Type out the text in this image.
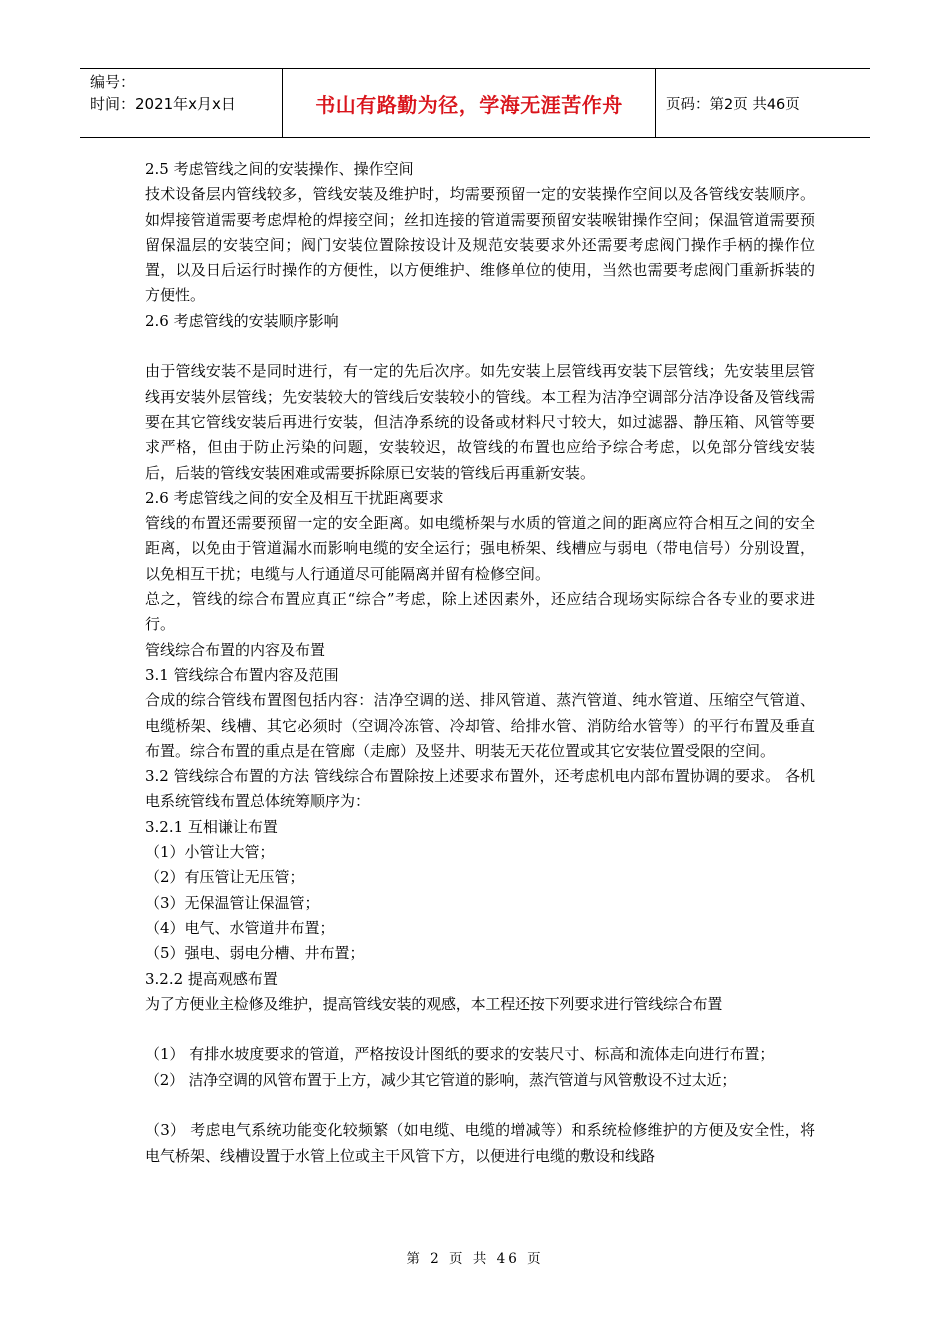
编号：
时间：2021年x月x日	书山有路勤为径，学海无涯苦作舟	页码：第2页 共46页

2.5 考虑管线之间的安装操作、操作空间

技术设备层内管线较多，管线安装及维护时，均需要预留一定的安装操作空间以及各管线安装顺序。如焊接管道需要考虑焊枪的焊接空间；丝扣连接的管道需要预留安装喉钳操作空间；保温管道需要预留保温层的安装空间；阀门安装位置除按设计及规范安装要求外还需要考虑阀门操作手柄的操作位置，以及日后运行时操作的方便性，以方便维护、维修单位的使用，当然也需要考虑阀门重新拆装的方便性。

2.6 考虑管线的安装顺序影响

由于管线安装不是同时进行，有一定的先后次序。如先安装上层管线再安装下层管线；先安装里层管线再安装外层管线；先安装较大的管线后安装较小的管线。本工程为洁净空调部分洁净设备及管线需要在其它管线安装后再进行安装，但洁净系统的设备或材料尺寸较大，如过滤器、静压箱、风管等要求严格，但由于防止污染的问题，安装较迟，故管线的布置也应给予综合考虑，以免部分管线安装后，后装的管线安装困难或需要拆除原已安装的管线后再重新安装。

2.6 考虑管线之间的安全及相互干扰距离要求

管线的布置还需要预留一定的安全距离。如电缆桥架与水质的管道之间的距离应符合相互之间的安全距离，以免由于管道漏水而影响电缆的安全运行；强电桥架、线槽应与弱电（带电信号）分别设置，以免相互干扰；电缆与人行通道尽可能隔离并留有检修空间。

总之，管线的综合布置应真正“综合”考虑，除上述因素外，还应结合现场实际综合各专业的要求进行。

管线综合布置的内容及布置

3.1 管线综合布置内容及范围

合成的综合管线布置图包括内容：洁净空调的送、排风管道、蒸汽管道、纯水管道、压缩空气管道、电缆桥架、线槽、其它必须时（空调冷冻管、冷却管、给排水管、消防给水管等）的平行布置及垂直布置。综合布置的重点是在管廊（走廊）及竖井、明装无天花位置或其它安装位置受限的空间。

3.2 管线综合布置的方法 管线综合布置除按上述要求布置外，还考虑机电内部布置协调的要求。 各机电系统管线布置总体统筹顺序为：

3.2.1 互相谦让布置

（1）小管让大管；

（2）有压管让无压管；

（3）无保温管让保温管；

（4）电气、水管道井布置；

（5）强电、弱电分槽、井布置；

3.2.2 提高观感布置

为了方便业主检修及维护，提高管线安装的观感，本工程还按下列要求进行管线综合布置

（1） 有排水坡度要求的管道，严格按设计图纸的要求的安装尺寸、标高和流体走向进行布置；

（2） 洁净空调的风管布置于上方，减少其它管道的影响，蒸汽管道与风管敷设不过太近；

（3） 考虑电气系统功能变化较频繁（如电缆、电缆的增减等）和系统检修维护的方便及安全性，将电气桥架、线槽设置于水管上位或主干风管下方，以便进行电缆的敷设和线路

第 2 页 共 46 页
